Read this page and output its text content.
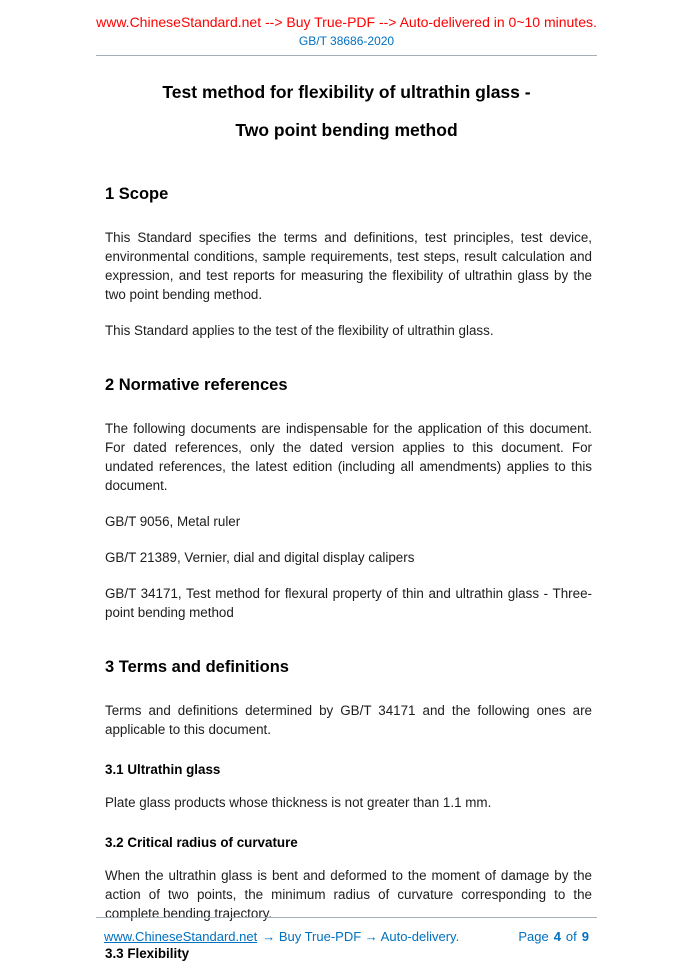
www.ChineseStandard.net --> Buy True-PDF --> Auto-delivered in 0~10 minutes.
GB/T 38686-2020
Test method for flexibility of ultrathin glass -
Two point bending method
1 Scope

This Standard specifies the terms and definitions, test principles, test device, environmental conditions, sample requirements, test steps, result calculation and expression, and test reports for measuring the flexibility of ultrathin glass by the two point bending method.

This Standard applies to the test of the flexibility of ultrathin glass.

2 Normative references

The following documents are indispensable for the application of this document. For dated references, only the dated version applies to this document. For undated references, the latest edition (including all amendments) applies to this document.

GB/T 9056, Metal ruler

GB/T 21389, Vernier, dial and digital display calipers

GB/T 34171, Test method for flexural property of thin and ultrathin glass - Three-point bending method

3 Terms and definitions

Terms and definitions determined by GB/T 34171 and the following ones are applicable to this document.

3.1 Ultrathin glass

Plate glass products whose thickness is not greater than 1.1 mm.

3.2 Critical radius of curvature

When the ultrathin glass is bent and deformed to the moment of damage by the action of two points, the minimum radius of curvature corresponding to the complete bending trajectory.

3.3 Flexibility
www.ChineseStandard.net → Buy True-PDF → Auto-delivery.	Page 4 of 9
